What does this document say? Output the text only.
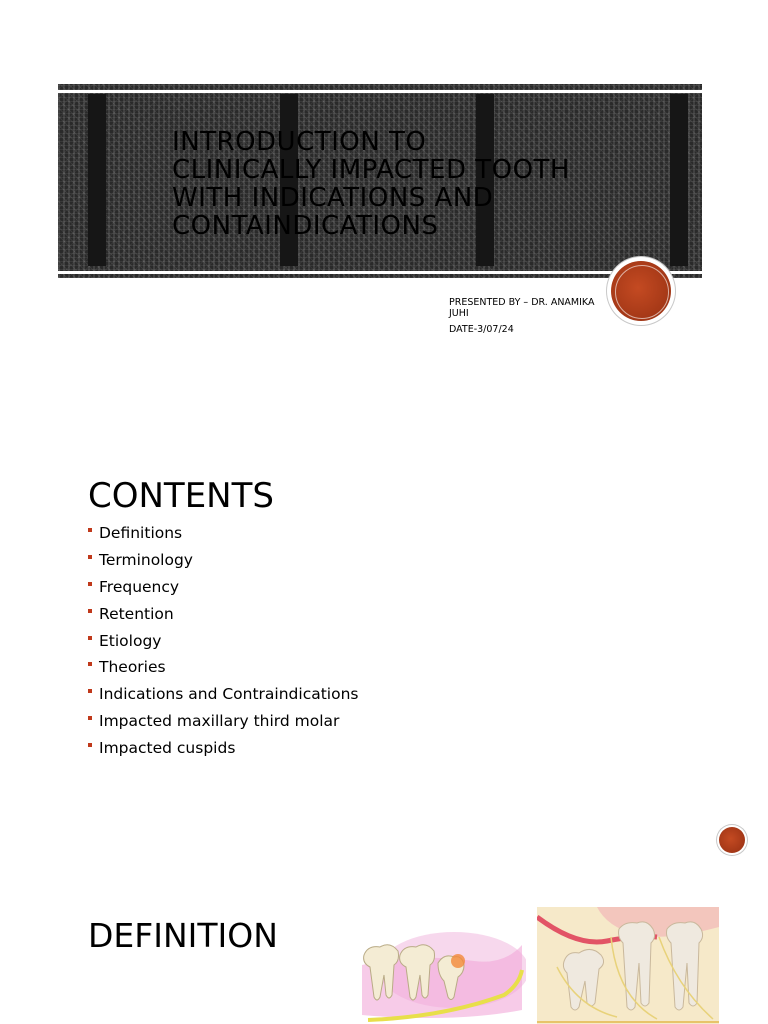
INTRODUCTION TO CLINICALLY IMPACTED TOOTH WITH INDICATIONS AND CONTAINDICATIONS
PRESENTED BY – DR. ANAMIKA JUHI
DATE-3/07/24
CONTENTS
Definitions
Terminology
Frequency
Retention
Etiology
Theories
Indications and Contraindications
Impacted maxillary third molar
Impacted cuspids
DEFINITION
